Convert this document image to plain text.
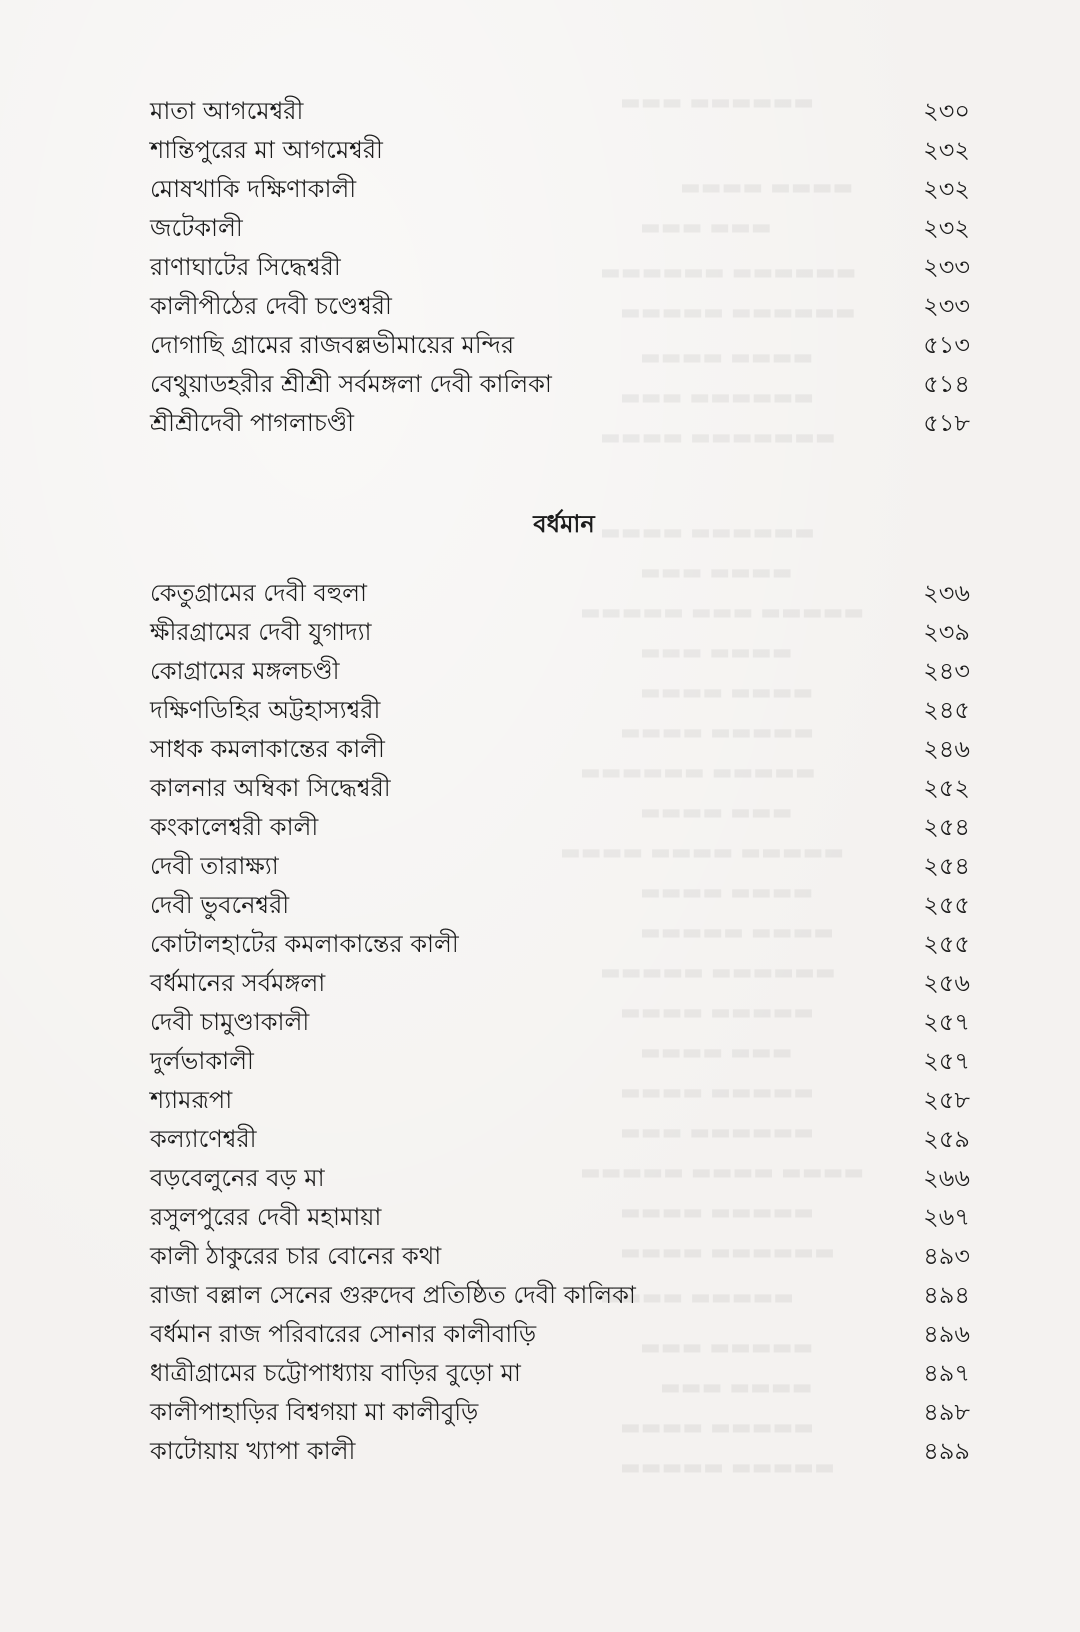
▬▬▬ ▬▬▬▬▬▬
▬▬▬▬ ▬▬▬▬
▬▬▬ ▬▬▬
▬▬▬▬▬▬ ▬▬▬▬▬▬
▬▬▬▬▬ ▬▬▬▬▬▬
▬▬▬▬ ▬▬▬▬
▬▬▬ ▬▬▬▬▬▬
▬▬▬▬ ▬▬▬▬▬▬▬
▬▬▬▬ ▬▬▬▬▬▬
▬▬▬ ▬▬▬▬
▬▬▬▬▬ ▬▬▬ ▬▬▬▬▬
▬▬▬ ▬▬▬▬
▬▬▬▬ ▬▬▬▬
▬▬▬▬ ▬▬▬▬▬
▬▬▬▬▬▬ ▬▬▬▬▬
▬▬▬▬ ▬▬▬
▬▬▬▬ ▬▬▬▬ ▬▬▬▬▬
▬▬▬▬ ▬▬▬▬
▬▬▬▬▬ ▬▬▬▬
▬▬▬▬▬ ▬▬▬▬▬▬
▬▬▬▬ ▬▬▬▬▬
▬▬▬▬ ▬▬▬
▬▬▬▬ ▬▬▬▬▬
▬▬▬ ▬▬▬▬▬▬
▬▬▬▬▬ ▬▬▬▬ ▬▬▬▬
▬▬▬▬ ▬▬▬▬▬
▬▬▬▬ ▬▬▬▬▬▬
▬▬▬▬ ▬▬▬▬▬
▬▬▬ ▬▬▬▬▬
▬▬▬ ▬▬▬▬
▬▬▬▬ ▬▬▬▬▬
▬▬▬▬▬ ▬▬▬▬▬
মাতা আগমেশ্বরী	২৩০
শান্তিপুরের মা আগমেশ্বরী	২৩২
মোষখাকি দক্ষিণাকালী	২৩২
জটেকালী	২৩২
রাণাঘাটের সিদ্ধেশ্বরী	২৩৩
কালীপীঠের দেবী চণ্ডেশ্বরী	২৩৩
দোগাছি গ্রামের রাজবল্লভীমায়ের মন্দির	৫১৩
বেথুয়াডহরীর শ্রীশ্রী সর্বমঙ্গলা দেবী কালিকা	৫১৪
শ্রীশ্রীদেবী পাগলাচণ্ডী	৫১৮
বর্ধমান
কেতুগ্রামের দেবী বহুলা	২৩৬
ক্ষীরগ্রামের দেবী যুগাদ্যা	২৩৯
কোগ্রামের মঙ্গলচণ্ডী	২৪৩
দক্ষিণডিহির অট্টহাস্যশ্বরী	২৪৫
সাধক কমলাকান্তের কালী	২৪৬
কালনার অম্বিকা সিদ্ধেশ্বরী	২৫২
কংকালেশ্বরী কালী	২৫৪
দেবী তারাক্ষ্যা	২৫৪
দেবী ভুবনেশ্বরী	২৫৫
কোটালহাটের কমলাকান্তের কালী	২৫৫
বর্ধমানের সর্বমঙ্গলা	২৫৬
দেবী চামুণ্ডাকালী	২৫৭
দুর্লভাকালী	২৫৭
শ্যামরূপা	২৫৮
কল্যাণেশ্বরী	২৫৯
বড়বেলুনের বড় মা	২৬৬
রসুলপুরের দেবী মহামায়া	২৬৭
কালী ঠাকুরের চার বোনের কথা	৪৯৩
রাজা বল্লাল সেনের গুরুদেব প্রতিষ্ঠিত দেবী কালিকা	৪৯৪
বর্ধমান রাজ পরিবারের সোনার কালীবাড়ি	৪৯৬
ধাত্রীগ্রামের চট্টোপাধ্যায় বাড়ির বুড়ো মা	৪৯৭
কালীপাহাড়ির বিশ্বগয়া মা কালীবুড়ি	৪৯৮
কাটোয়ায় খ্যাপা কালী	৪৯৯
